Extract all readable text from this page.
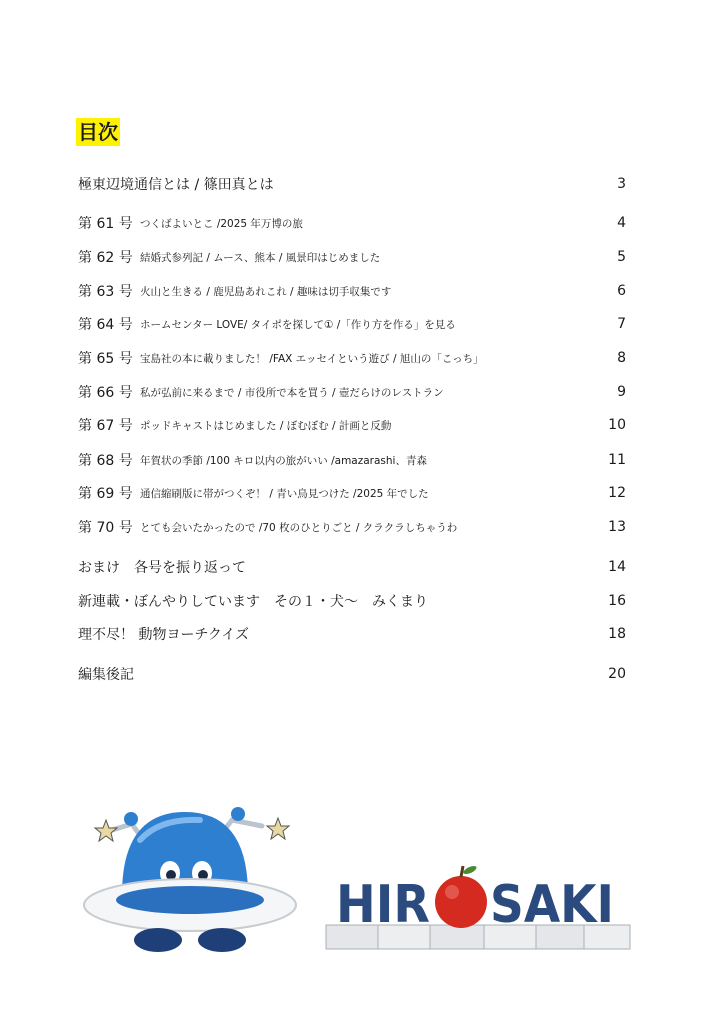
目次
極東辺境通信とは / 篠田真とは	3
第 61 号 つくばよいとこ /2025 年万博の旅	4
第 62 号 結婚式参列記 / ムース、熊本 / 風景印はじめました	5
第 63 号 火山と生きる / 鹿児島あれこれ / 趣味は切手収集です	6
第 64 号 ホームセンター LOVE/ タイポを探して① /「作り方を作る」を見る	7
第 65 号 宝島社の本に載りました！ /FAX エッセイという遊び / 旭山の「こっち」	8
第 66 号 私が弘前に来るまで / 市役所で本を買う / 壺だらけのレストラン	9
第 67 号 ポッドキャストはじめました / ぼむぼむ / 計画と反動	10
第 68 号 年賀状の季節 /100 キロ以内の旅がいい /amazarashi、青森	11
第 69 号 通信縮刷版に帯がつくぞ！ / 青い鳥見つけた /2025 年でした	12
第 70 号 とても会いたかったので /70 枚のひとりごと / クラクラしちゃうわ	13
おまけ　各号を振り返って	14
新連載・ぼんやりしています　その１・犬〜　みくまり	16
理不尽！ 動物ヨーチクイズ	18
編集後記	20
HIR SAKI
